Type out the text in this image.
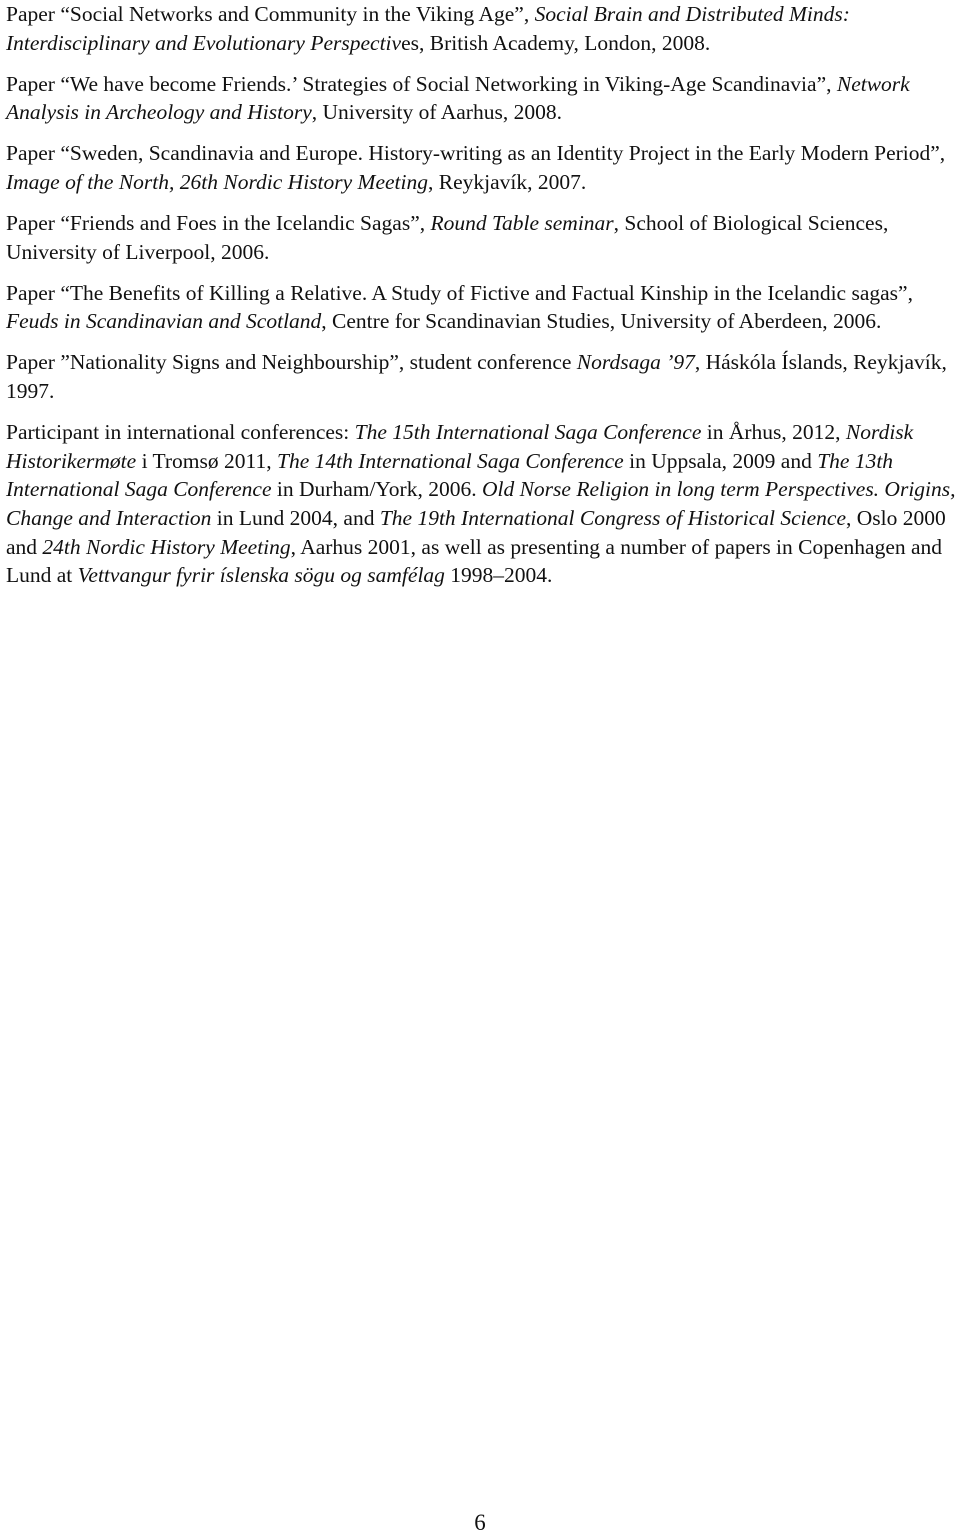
Paper “Social Networks and Community in the Viking Age”, Social Brain and Distributed Minds: Interdisciplinary and Evolutionary Perspectives, British Academy, London, 2008.

Paper “We have become Friends.’ Strategies of Social Networking in Viking-Age Scandinavia”, Network Analysis in Archeology and History, University of Aarhus, 2008.

Paper “Sweden, Scandinavia and Europe. History-writing as an Identity Project in the Early Modern Period”, Image of the North, 26th Nordic History Meeting, Reykjavík, 2007.

Paper “Friends and Foes in the Icelandic Sagas”, Round Table seminar, School of Biological Sciences, University of Liverpool, 2006.

Paper “The Benefits of Killing a Relative. A Study of Fictive and Factual Kinship in the Icelandic sagas”, Feuds in Scandinavian and Scotland, Centre for Scandinavian Studies, University of Aberdeen, 2006.

Paper ”Nationality Signs and Neighbourship”, student conference Nordsaga ’97, Háskóla Íslands, Reykjavík, 1997.

Participant in international conferences: The 15th International Saga Conference in Århus, 2012, Nordisk Historikermøte i Tromsø 2011, The 14th International Saga Conference in Uppsala, 2009 and The 13th International Saga Conference in Durham/York, 2006. Old Norse Religion in long term Perspectives. Origins, Change and Interaction in Lund 2004, and The 19th International Congress of Historical Science, Oslo 2000 and 24th Nordic History Meeting, Aarhus 2001, as well as presenting a number of papers in Copenhagen and Lund at Vettvangur fyrir íslenska sögu og samfélag 1998–2004.

6
